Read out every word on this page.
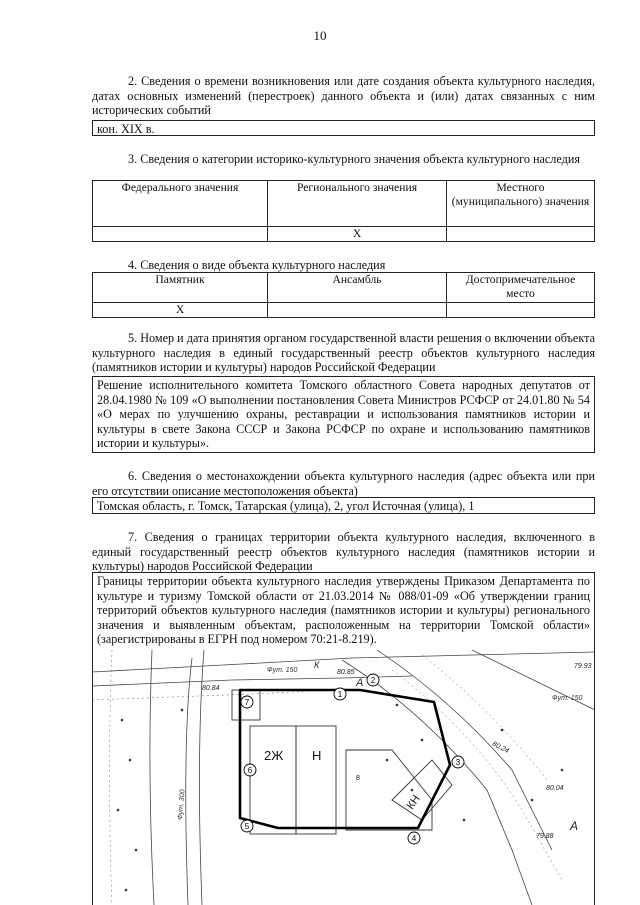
10
2. Сведения о времени возникновения или дате создания объекта культурного наследия, датах основных изменений (перестроек) данного объекта и (или) датах связанных с ним исторических событий
кон. XIX в.
3. Сведения о категории историко-культурного значения объекта культурного наследия
Федерального значения	Регионального значения	Местного (муниципального) значения
	Х	
4. Сведения о виде объекта культурного наследия
Памятник	Ансамбль	Достопримечательное место
Х		
5. Номер и дата принятия органом государственной власти решения о включении объекта культурного наследия в единый государственный реестр объектов культурного наследия (памятников истории и культуры) народов Российской Федерации
Решение исполнительного комитета Томского областного Совета народных депутатов от 28.04.1980 № 109 «О выполнении постановления Совета Министров РСФСР от 24.01.80 № 54 «О мерах по улучшению охраны, реставрации и использования памятников истории и культуры в свете Закона СССР и Закона РСФСР по охране и использованию памятников истории и культуры».
6. Сведения о местонахождении объекта культурного наследия (адрес объекта или при его отсутствии описание местоположения объекта)
Томская область, г. Томск, Татарская (улица), 2, угол Источная (улица), 1
7. Сведения о границах территории объекта культурного наследия, включенного в единый государственный реестр объектов культурного наследия (памятников истории и культуры) народов Российской Федерации
Границы территории объекта культурного наследия утверждены Приказом Департамента по культуре и туризму Томской области от 21.03.2014 № 088/01-09 «Об утверждении границ территорий объектов культурного наследия (памятников истории и культуры) регионального значения и выявленным объектам, расположенным на территории Томской области» (зарегистрированы в ЕГРН под номером 70:21-8.219).
1
2
3
4
5
6
7
2Ж Н
КН
8
80.84
80.85
79.93
80.24
80.04
79.88
К
А
А
Фут. 150
Фут. 150
Фут. 300
